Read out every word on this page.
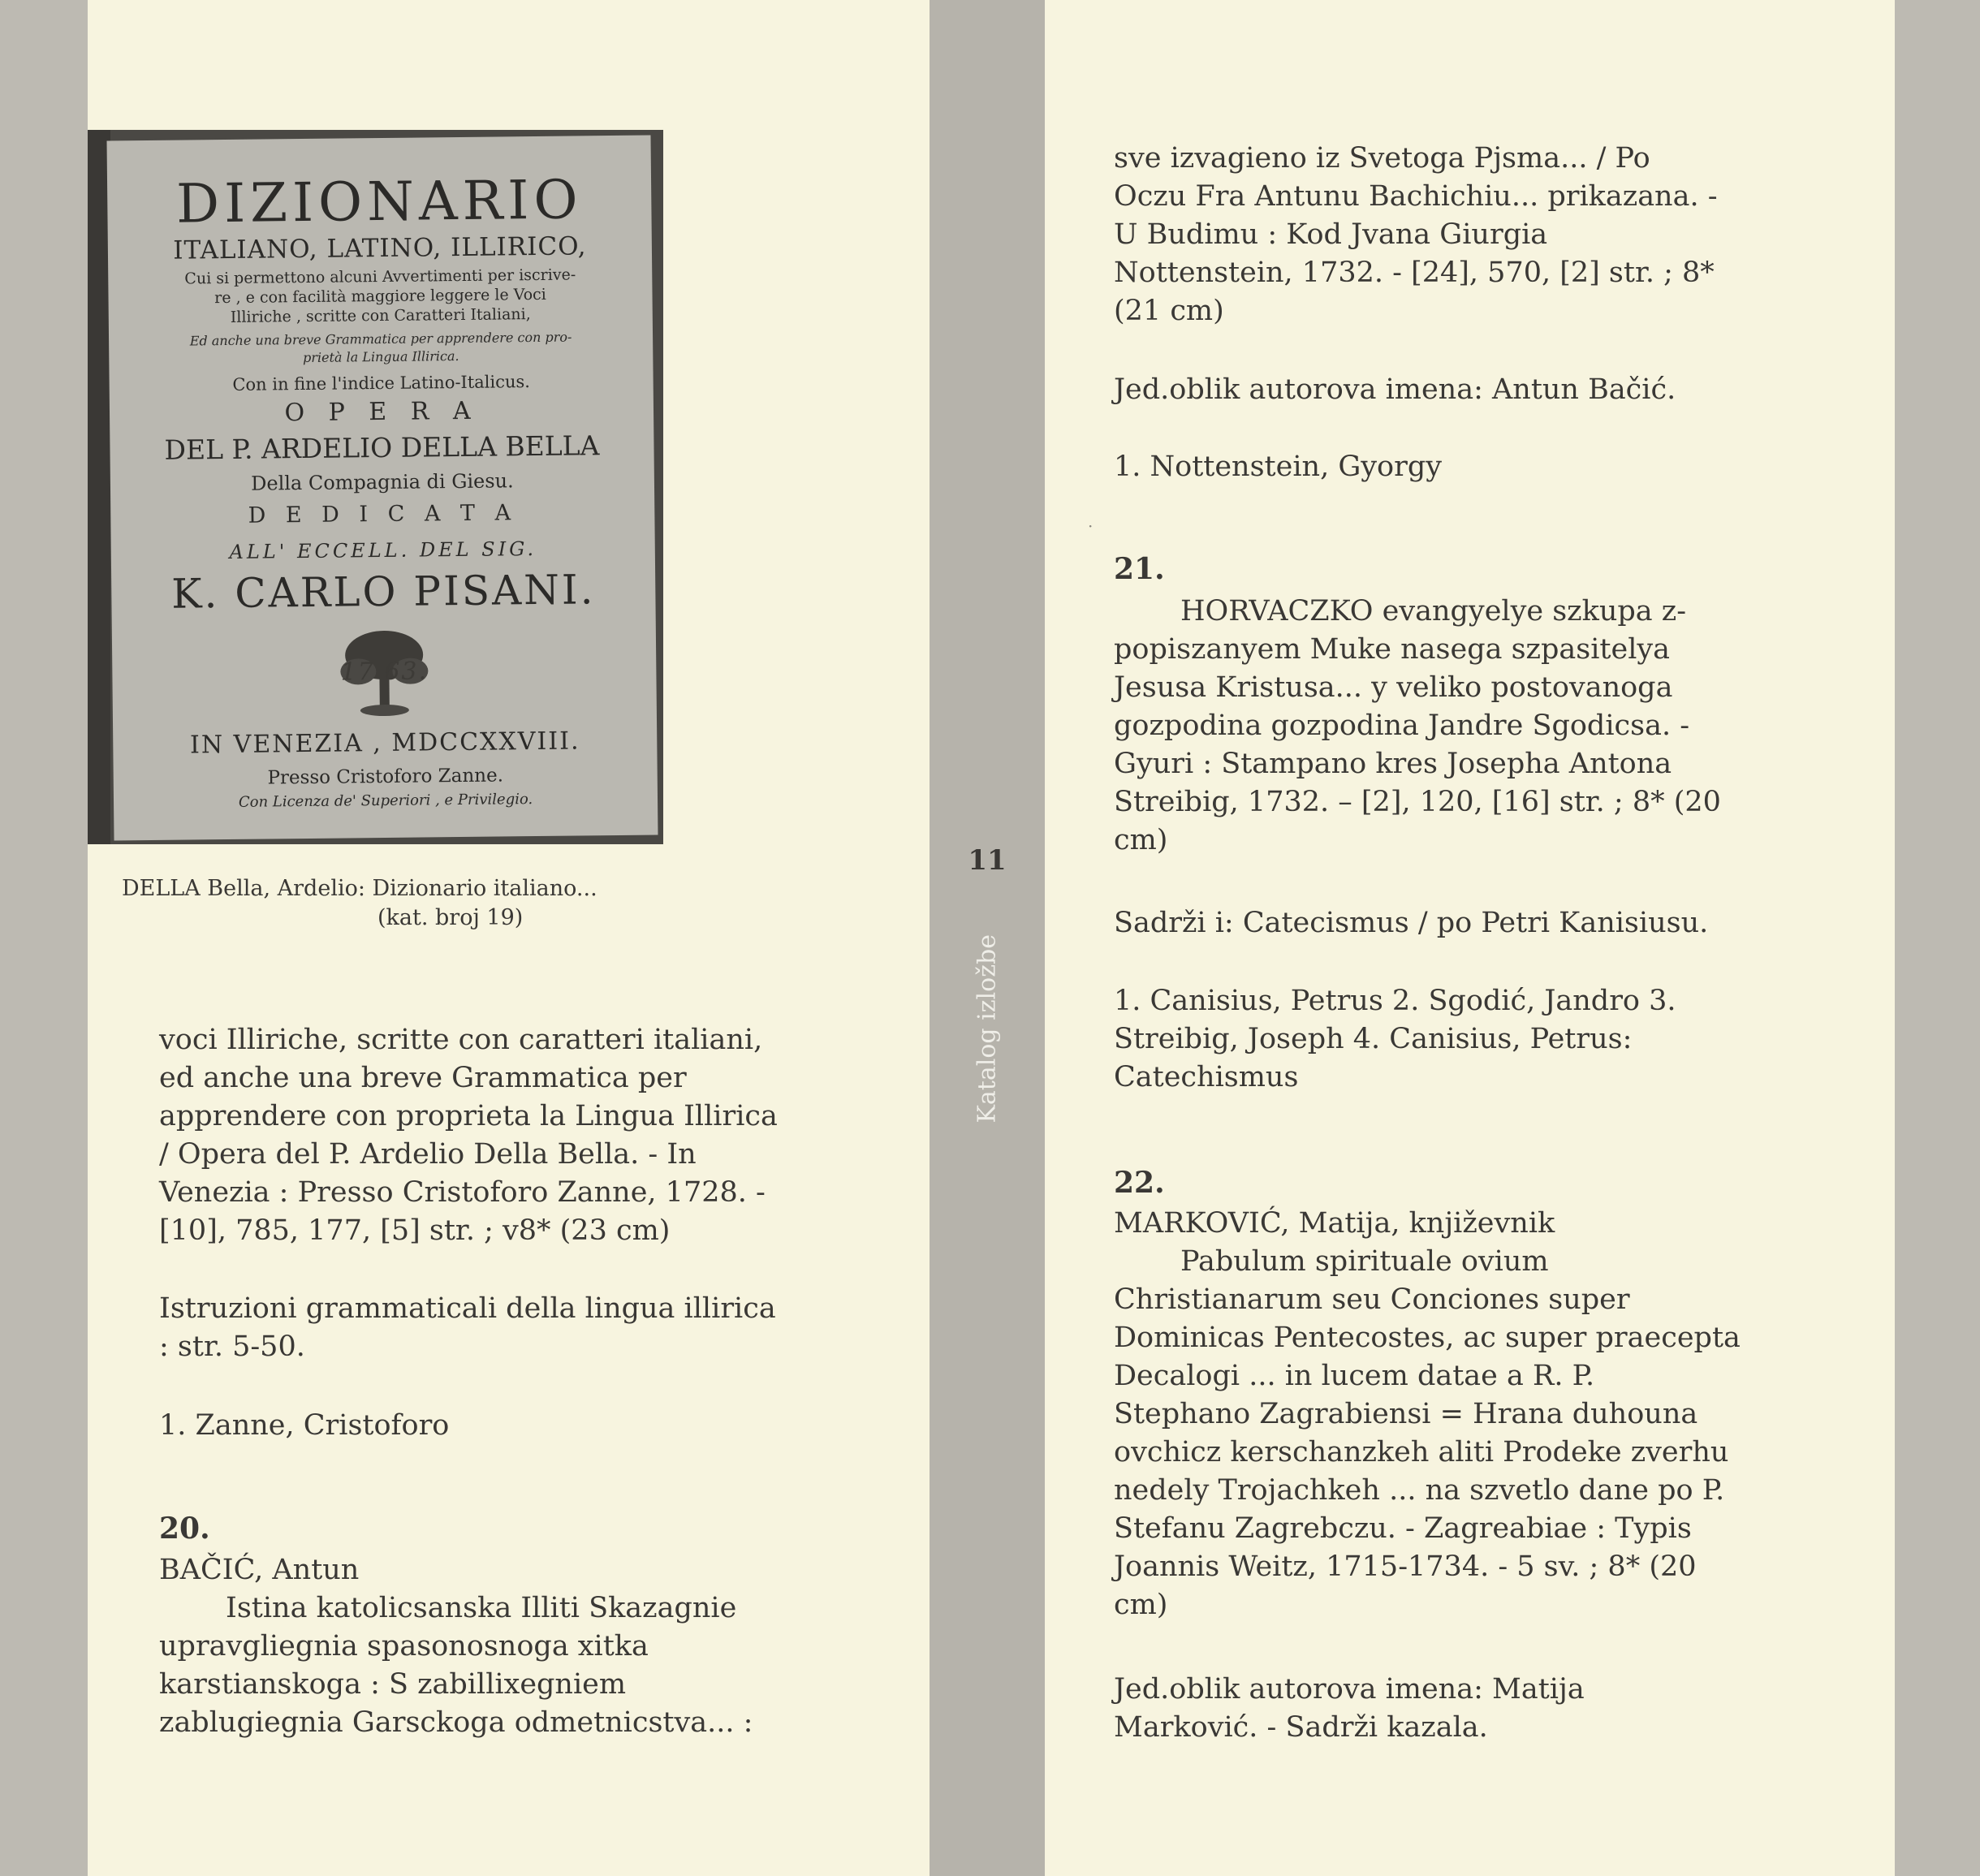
DIZIONARIO
ITALIANO, LATINO, ILLIRICO,
Cui si permettono alcuni Avvertimenti per iscrive-
re , e con facilità maggiore leggere le Voci
Illiriche , scritte con Caratteri Italiani,
Ed anche una breve Grammatica per apprendere con pro-
prietà la Lingua Illirica.
Con in fine l'indice Latino-Italicus.
O P E R A
DEL P. ARDELIO DELLA BELLA
Della Compagnia di Giesu.
D E D I C A T A
ALL' ECCELL. DEL SIG.
K. CARLO PISANI.
17 63.
IN VENEZIA , MDCCXXVIII.
Presso Cristoforo Zanne.
Con Licenza de' Superiori , e Privilegio.
DELLA Bella, Ardelio: Dizionario italiano...
(kat. broj 19)
voci Illiriche, scritte con caratteri italiani,
ed anche una breve Grammatica per
apprendere con proprieta la Lingua Illirica
/ Opera del P. Ardelio Della Bella. - In
Venezia : Presso Cristoforo Zanne, 1728. -
[10], 785, 177, [5] str. ; v8* (23 cm)
Istruzioni grammaticali della lingua illirica
: str. 5-50.
1. Zanne, Cristoforo
20.
BAČIĆ, Antun
Istina katolicsanska Illiti Skazagnie
upravgliegnia spasonosnoga xitka
karstianskoga : S zabillixegniem
zablugiegnia Garsckoga odmetnicstva... :
11
Katalog izložbe
sve izvagieno iz Svetoga Pjsma... / Po
Oczu Fra Antunu Bachichiu... prikazana. -
U Budimu : Kod Jvana Giurgia
Nottenstein, 1732. - [24], 570, [2] str. ; 8*
(21 cm)
Jed.oblik autorova imena: Antun Bačić.
1. Nottenstein, Gyorgy
·
21.
HORVACZKO evangyelye szkupa z-
popiszanyem Muke nasega szpasitelya
Jesusa Kristusa... y veliko postovanoga
gozpodina gozpodina Jandre Sgodicsa. -
Gyuri : Stampano kres Josepha Antona
Streibig, 1732. – [2], 120, [16] str. ; 8* (20
cm)
Sadrži i: Catecismus / po Petri Kanisiusu.
1. Canisius, Petrus 2. Sgodić, Jandro 3.
Streibig, Joseph 4. Canisius, Petrus:
Catechismus
22.
MARKOVIĆ, Matija, književnik
Pabulum spirituale ovium
Christianarum seu Conciones super
Dominicas Pentecostes, ac super praecepta
Decalogi ... in lucem datae a R. P.
Stephano Zagrabiensi = Hrana duhouna
ovchicz kerschanzkeh aliti Prodeke zverhu
nedely Trojachkeh ... na szvetlo dane po P.
Stefanu Zagrebczu. - Zagreabiae : Typis
Joannis Weitz, 1715-1734. - 5 sv. ; 8* (20
cm)
Jed.oblik autorova imena: Matija
Marković. - Sadrži kazala.
